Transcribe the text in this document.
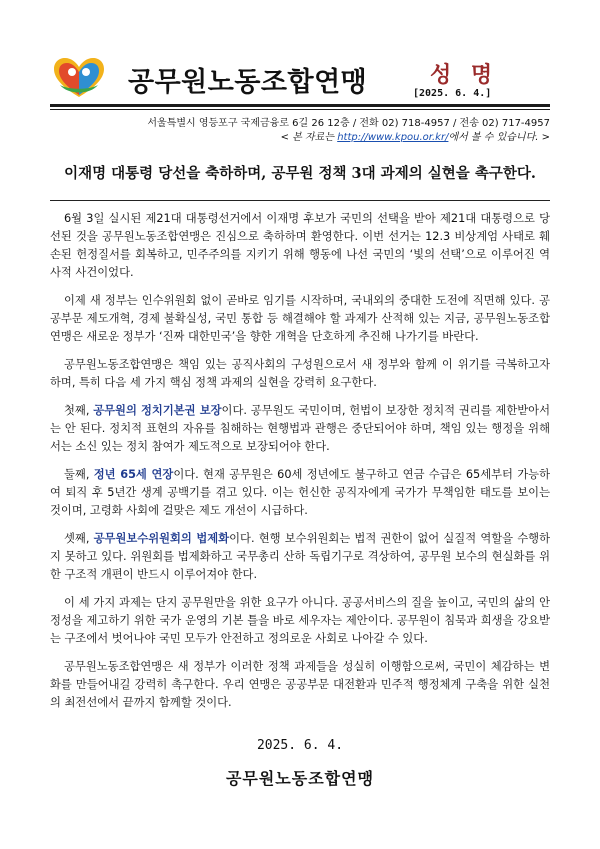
공무원노동조합연맹	성 명
[2025. 6. 4.]
서울특별시 영등포구 국제금융로 6길 26 12층 / 전화 02) 718-4957 / 전송 02) 717-4957
< 본 자료는 http://www.kpou.or.kr/에서 볼 수 있습니다. >
이재명 대통령 당선을 축하하며, 공무원 정책 3대 과제의 실현을 촉구한다.

6월 3일 실시된 제21대 대통령선거에서 이재명 후보가 국민의 선택을 받아 제21대 대통령으로 당선된 것을 공무원노동조합연맹은 진심으로 축하하며 환영한다. 이번 선거는 12.3 비상계엄 사태로 훼손된 헌정질서를 회복하고, 민주주의를 지키기 위해 행동에 나선 국민의 ‘빛의 선택’으로 이루어진 역사적 사건이었다.

이제 새 정부는 인수위원회 없이 곧바로 임기를 시작하며, 국내외의 중대한 도전에 직면해 있다. 공공부문 제도개혁, 경제 불확실성, 국민 통합 등 해결해야 할 과제가 산적해 있는 지금, 공무원노동조합연맹은 새로운 정부가 ‘진짜 대한민국’을 향한 개혁을 단호하게 추진해 나가기를 바란다.

공무원노동조합연맹은 책임 있는 공직사회의 구성원으로서 새 정부와 함께 이 위기를 극복하고자 하며, 특히 다음 세 가지 핵심 정책 과제의 실현을 강력히 요구한다.

첫째, 공무원의 정치기본권 보장이다. 공무원도 국민이며, 헌법이 보장한 정치적 권리를 제한받아서는 안 된다. 정치적 표현의 자유를 침해하는 현행법과 관행은 중단되어야 하며, 책임 있는 행정을 위해서는 소신 있는 정치 참여가 제도적으로 보장되어야 한다.

둘째, 정년 65세 연장이다. 현재 공무원은 60세 정년에도 불구하고 연금 수급은 65세부터 가능하여 퇴직 후 5년간 생계 공백기를 겪고 있다. 이는 헌신한 공직자에게 국가가 무책임한 태도를 보이는 것이며, 고령화 사회에 걸맞은 제도 개선이 시급하다.

셋째, 공무원보수위원회의 법제화이다. 현행 보수위원회는 법적 권한이 없어 실질적 역할을 수행하지 못하고 있다. 위원회를 법제화하고 국무총리 산하 독립기구로 격상하여, 공무원 보수의 현실화를 위한 구조적 개편이 반드시 이루어져야 한다.

이 세 가지 과제는 단지 공무원만을 위한 요구가 아니다. 공공서비스의 질을 높이고, 국민의 삶의 안정성을 제고하기 위한 국가 운영의 기본 틀을 바로 세우자는 제안이다. 공무원이 침묵과 희생을 강요받는 구조에서 벗어나야 국민 모두가 안전하고 정의로운 사회로 나아갈 수 있다.

공무원노동조합연맹은 새 정부가 이러한 정책 과제들을 성실히 이행함으로써, 국민이 체감하는 변화를 만들어내길 강력히 촉구한다. 우리 연맹은 공공부문 대전환과 민주적 행정체계 구축을 위한 실천의 최전선에서 끝까지 함께할 것이다.

2025. 6. 4.
공무원노동조합연맹
